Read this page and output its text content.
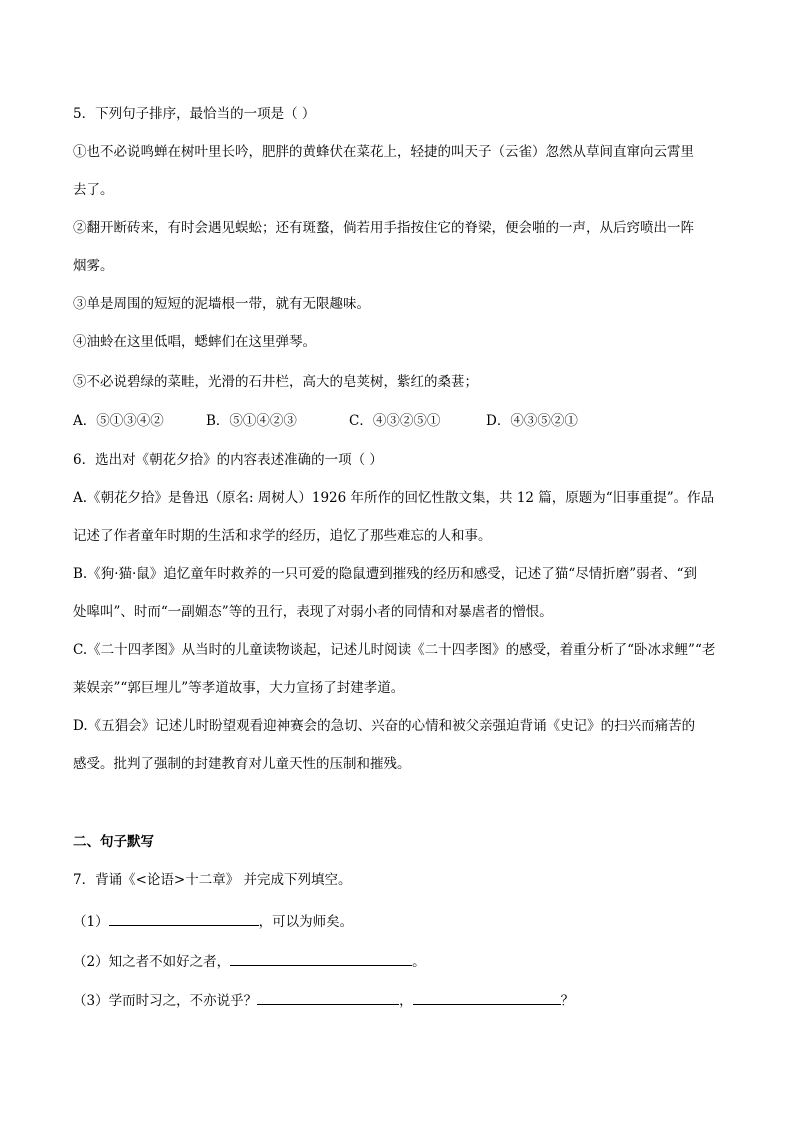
5．下列句子排序，最恰当的一项是（ ）
①也不必说鸣蝉在树叶里长吟，肥胖的黄蜂伏在菜花上，轻捷的叫天子（云雀）忽然从草间直窜向云霄里
去了。
②翻开断砖来，有时会遇见蜈蚣；还有斑蝥，倘若用手指按住它的脊梁，便会啪的一声，从后窍喷出一阵
烟雾。
③单是周围的短短的泥墙根一带，就有无限趣味。
④油蛉在这里低唱，蟋蟀们在这里弹琴。
⑤不必说碧绿的菜畦，光滑的石井栏，高大的皂荚树，紫红的桑葚；
A．⑤①③④②	B．⑤①④②③	C．④③②⑤①	D．④③⑤②①
6．选出对《朝花夕拾》的内容表述准确的一项（ ）
A.《朝花夕拾》是鲁迅（原名: 周树人）1926 年所作的回忆性散文集，共 12 篇，原题为“旧事重提”。作品
记述了作者童年时期的生活和求学的经历，追忆了那些难忘的人和事。
B.《狗·猫·鼠》追忆童年时救养的一只可爱的隐鼠遭到摧残的经历和感受，记述了猫“尽情折磨”弱者、“到
处嗥叫”、时而“一副媚态”等的丑行，表现了对弱小者的同情和对暴虐者的憎恨。
C.《二十四孝图》从当时的儿童读物谈起，记述儿时阅读《二十四孝图》的感受，着重分析了“卧冰求鲤”“老
莱娱亲”“郭巨埋儿”等孝道故事，大力宣扬了封建孝道。
D.《五猖会》记述儿时盼望观看迎神赛会的急切、兴奋的心情和被父亲强迫背诵《史记》的扫兴而痛苦的
感受。批判了强制的封建教育对儿童天性的压制和摧残。
二、句子默写
7．背诵《<论语>十二章》 并完成下列填空。
（1）	，可以为师矣。
（2）知之者不如好之者，	。
（3）学而时习之，不亦说乎？	，	？
